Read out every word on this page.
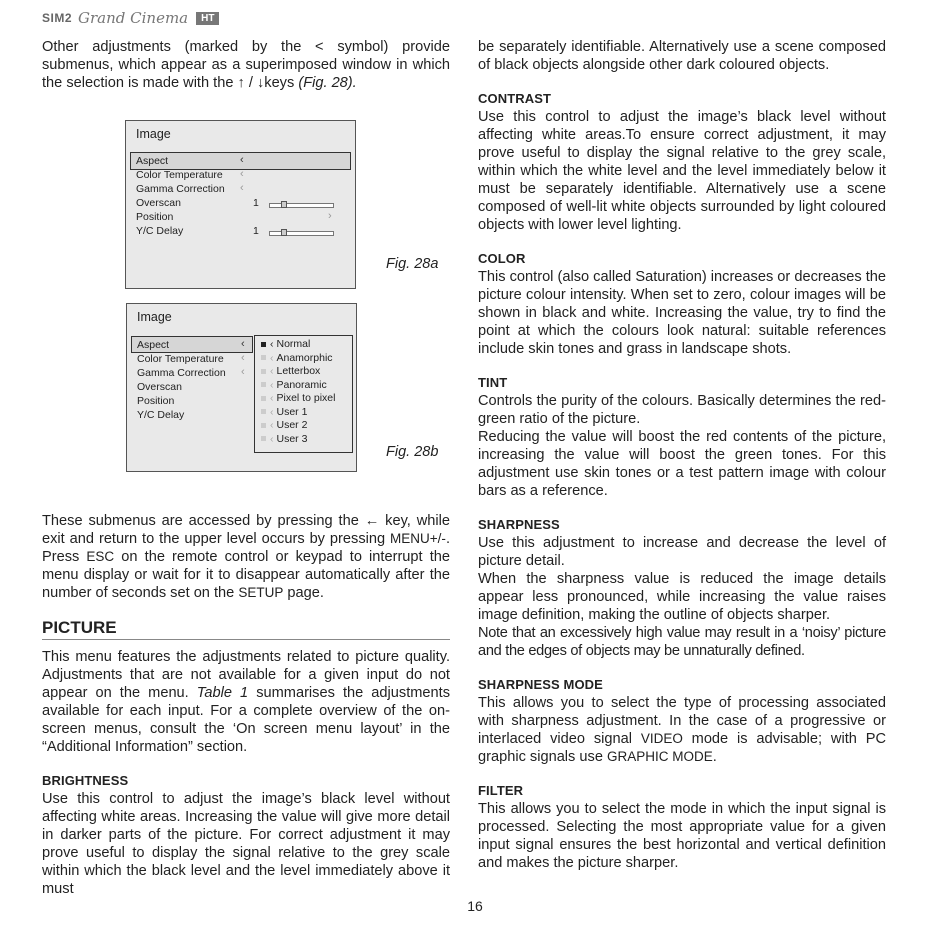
SIM2 Grand Cinema	HT

Other adjustments (marked by the < symbol) provide submenus, which appear as a superimposed window in which the selection is made with the ↑ / ↓keys (Fig. 28).

Image
Aspect	‹
Color Temperature ‹
Gamma Correction ‹
Overscan	1
Position	›
Y/C Delay	1
Fig. 28a
Image
Aspect	‹
Color Temperature ‹
Gamma Correction ‹
Overscan
Position
Y/C Delay
‹ Normal
‹ Anamorphic
‹ Letterbox
‹ Panoramic
‹ Pixel to pixel
‹ User 1
‹ User 2
‹ User 3
Fig. 28b

These submenus are accessed by pressing the ← key, while exit and return to the upper level occurs by pressing MENU+/-. Press ESC on the remote control or keypad to interrupt the menu display or wait for it to disappear automatically after the number of seconds set on the SETUP page.

PICTURE

This menu features the adjustments related to picture quality. Adjustments that are not available for a given input do not appear on the menu. Table 1 summarises the adjustments available for each input. For a complete overview of the on-screen menus, consult the ‘On screen menu layout’ in the “Additional Information” section.

BRIGHTNESS

Use this control to adjust the image’s black level without affecting white areas. Increasing the value will give more detail in darker parts of the picture. For correct adjustment it may prove useful to display the signal relative to the grey scale within which the black level and the level immediately above it must

be separately identifiable. Alternatively use a scene composed of black objects alongside other dark coloured objects.

CONTRAST

Use this control to adjust the image’s black level without affecting white areas.To ensure correct adjustment, it may prove useful to display the signal relative to the grey scale, within which the white level and the level immediately below it must be separately identifiable. Alternatively use a scene composed of well-lit white objects surrounded by light coloured objects with lower level lighting.

COLOR

This control (also called Saturation) increases or decreases the picture colour intensity. When set to zero, colour images will be shown in black and white. Increasing the value, try to find the point at which the colours look natural: suitable references include skin tones and grass in landscape shots.

TINT

Controls the purity of the colours. Basically determines the red-green ratio of the picture.

Reducing the value will boost the red contents of the picture, increasing the value will boost the green tones. For this adjustment use skin tones or a test pattern image with colour bars as a reference.

SHARPNESS

Use this adjustment to increase and decrease the level of picture detail.

When the sharpness value is reduced the image details appear less pronounced, while increasing the value raises image definition, making the outline of objects sharper.

Note that an excessively high value may result in a ‘noisy’ picture and the edges of objects may be unnaturally defined.

SHARPNESS MODE

This allows you to select the type of processing associated with sharpness adjustment. In the case of a progressive or interlaced video signal VIDEO mode is advisable; with PC graphic signals use GRAPHIC MODE.

FILTER

This allows you to select the mode in which the input signal is processed. Selecting the most appropriate value for a given input signal ensures the best horizontal and vertical definition and makes the picture sharper.

16
